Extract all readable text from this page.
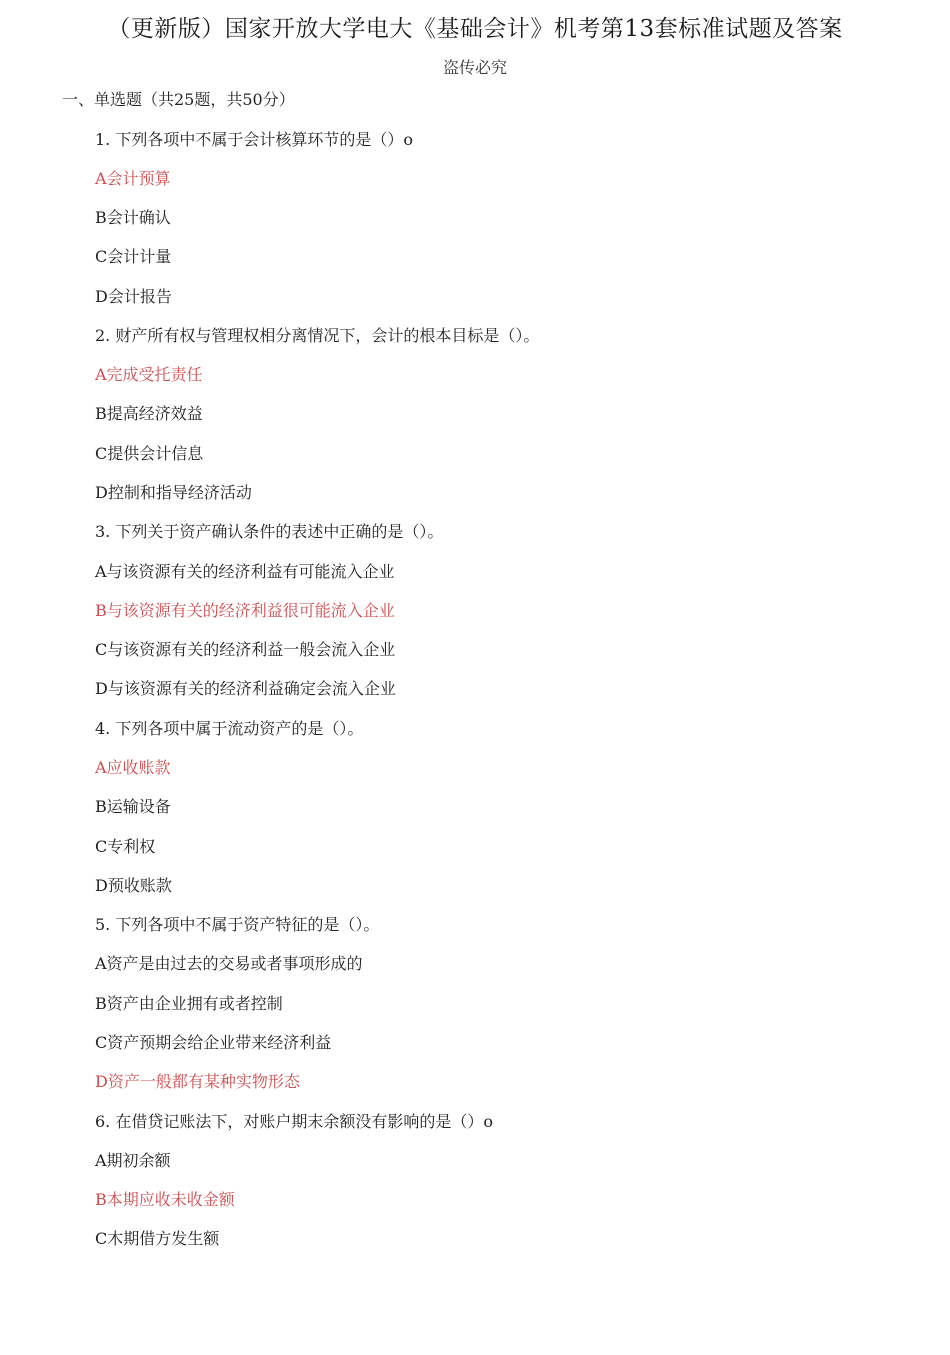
（更新版）国家开放大学电大《基础会计》机考第13套标准试题及答案
盗传必究
一、单选题（共25题，共50分）
1. 下列各项中不属于会计核算环节的是（）o
A会计预算
B会计确认
C会计计量
D会计报告
2. 财产所有权与管理权相分离情况下，会计的根本目标是（）。
A完成受托责任
B提高经济效益
C提供会计信息
D控制和指导经济活动
3. 下列关于资产确认条件的表述中正确的是（）。
A与该资源有关的经济利益有可能流入企业
B与该资源有关的经济利益很可能流入企业
C与该资源有关的经济利益一般会流入企业
D与该资源有关的经济利益确定会流入企业
4. 下列各项中属于流动资产的是（）。
A应收账款
B运输设备
C专利权
D预收账款
5. 下列各项中不属于资产特征的是（）。
A资产是由过去的交易或者事项形成的
B资产由企业拥有或者控制
C资产预期会给企业带来经济利益
D资产一般都有某种实物形态
6. 在借贷记账法下，对账户期末余额没有影响的是（）o
A期初余额
B本期应收未收金额
C木期借方发生额
